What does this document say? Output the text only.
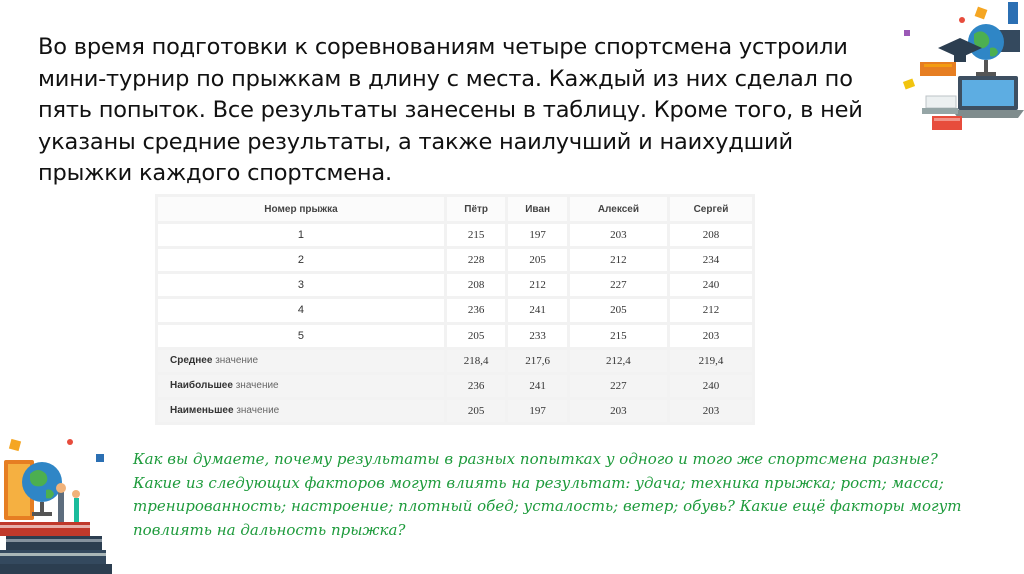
Во время подготовки к соревнованиям четыре спортсмена устроили мини-турнир по прыжкам в длину с места. Каждый из них сделал по пять попыток. Все результаты занесены в таблицу. Кроме того, в ней указаны средние результаты, а также наилучший и наихудший прыжки каждого спортсмена.

Номер прыжка	Пётр	Иван	Алексей	Сергей
1	215	197	203	208
2	228	205	212	234
3	208	212	227	240
4	236	241	205	212
5	205	233	215	203
Среднее значение	218,4	217,6	212,4	219,4
Наибольшее значение	236	241	227	240
Наименьшее значение	205	197	203	203

Как вы думаете, почему результаты в разных попытках у одного и того же спортсмена разные? Какие из следующих факторов могут влиять на результат: удача; техника прыжка; рост; масса; тренированность; настроение; плотный обед; усталость; ветер; обувь? Какие ещё факторы могут повлиять на дальность прыжка?
